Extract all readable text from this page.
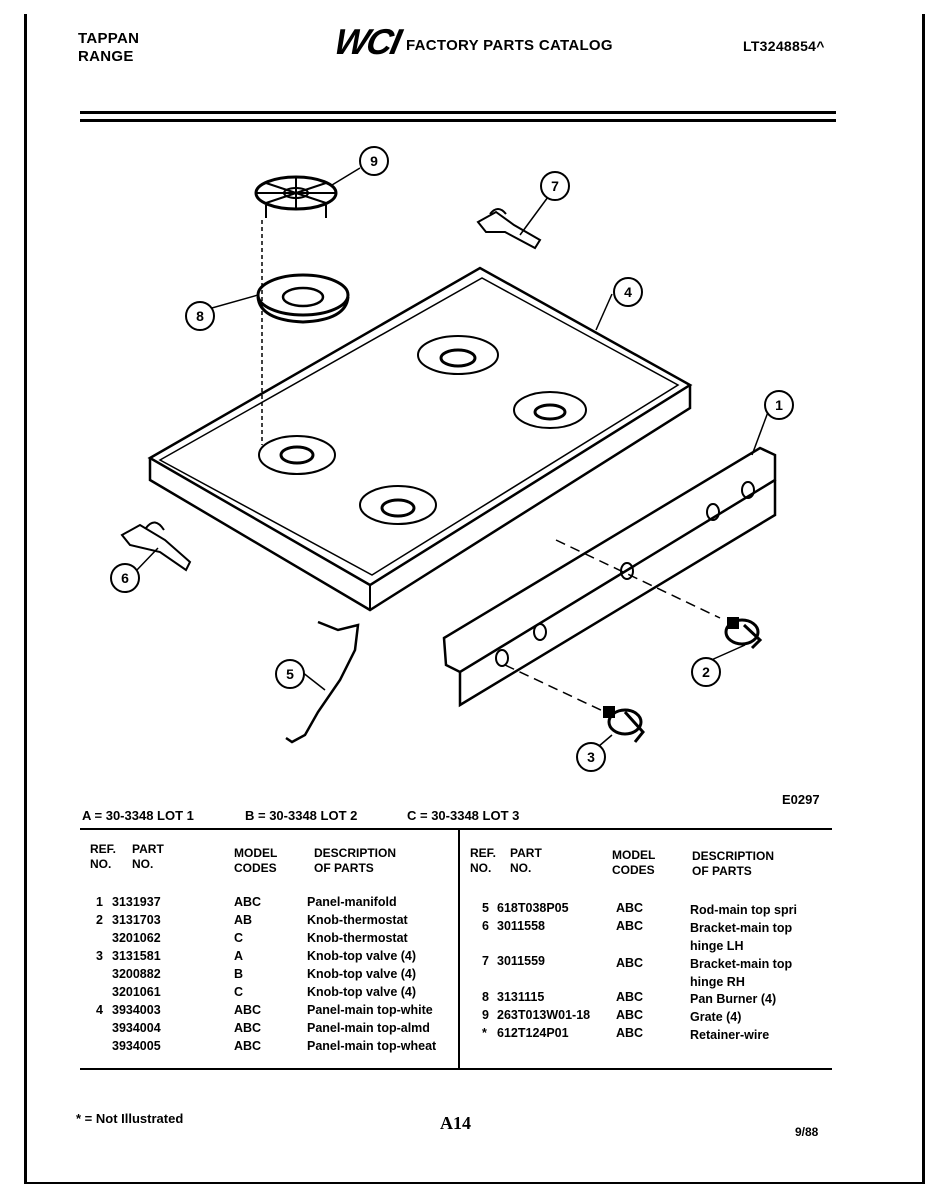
TAPPAN
RANGE	WCI FACTORY PARTS CATALOG	LT3248854^
1
2
3
4
5
6
7
8
9
E0297
A = 30-3348 LOT 1	B = 30-3348 LOT 2	C = 30-3348 LOT 3
REF.
NO.
PART
NO.
MODEL
CODES
DESCRIPTION
OF PARTS
REF.
NO.
PART
NO.
MODEL
CODES
DESCRIPTION
OF PARTS
1 3131937	ABC	Panel-manifold
2 3131703	AB	Knob-thermostat
3201062	C	Knob-thermostat
3 3131581	A	Knob-top valve (4)
3200882	B	Knob-top valve (4)
3201061	C	Knob-top valve (4)
4 3934003	ABC	Panel-main top-white
3934004	ABC	Panel-main top-almd
3934005	ABC	Panel-main top-wheat
5 618T038P05	ABC	Rod-main top spri
6 3011558	ABC	Bracket-main top hinge LH
7 3011559	ABC	Bracket-main top hinge RH
8 3131115	ABC	Pan Burner (4)
9 263T013W01-18 ABC	Grate (4)
* 612T124P01	ABC	Retainer-wire
* = Not Illustrated	A14	9/88
